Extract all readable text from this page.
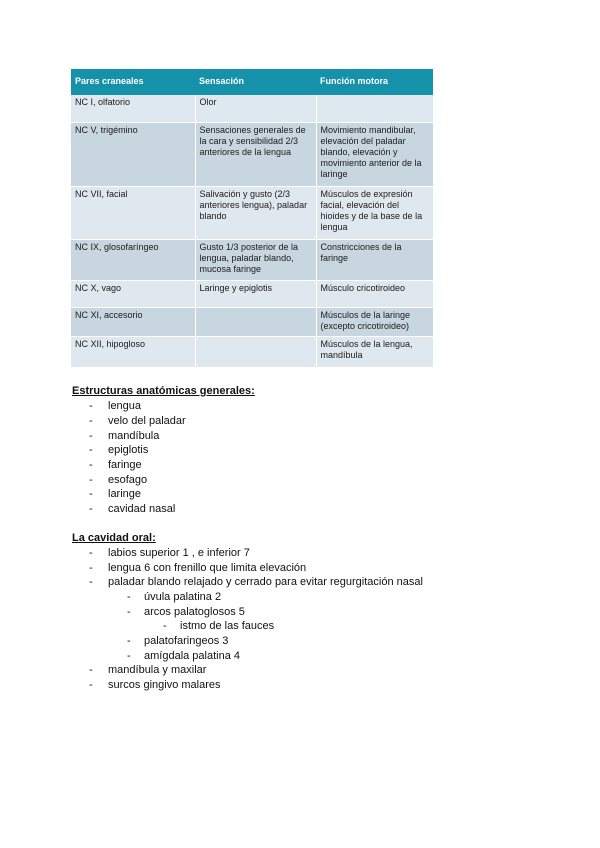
Pares craneales	Sensación	Función motora
NC I, olfatorio	Olor	
NC V, trigémino	Sensaciones generales de la cara y sensibilidad 2/3 anteriores de la lengua	Movimiento mandibular, elevación del paladar blando, elevación y movimiento anterior de la laringe
NC VII, facial	Salivación y gusto (2/3 anteriores lengua), paladar blando	Músculos de expresión facial, elevación del hioides y de la base de la lengua
NC IX, glosofaríngeo	Gusto 1/3 posterior de la lengua, paladar blando, mucosa faringe	Constricciones de la faringe
NC X, vago	Laringe y epiglotis	Músculo cricotiroideo
NC XI, accesorio		Músculos de la laringe (excepto cricotiroideo)
NC XII, hipogloso		Músculos de la lengua, mandíbula
Estructuras anatómicas generales:
- lengua
- velo del paladar
- mandíbula
- epiglotis
- faringe
- esofago
- laringe
- cavidad nasal
La cavidad oral:
- labios superior 1 , e inferior 7
- lengua 6 con frenillo que limita elevación
- paladar blando relajado y cerrado para evitar regurgitación nasal
- úvula palatina 2
- arcos palatoglosos 5
- istmo de las fauces
- palatofaringeos 3
- amígdala palatina 4
- mandíbula y maxilar
- surcos gingivo malares
